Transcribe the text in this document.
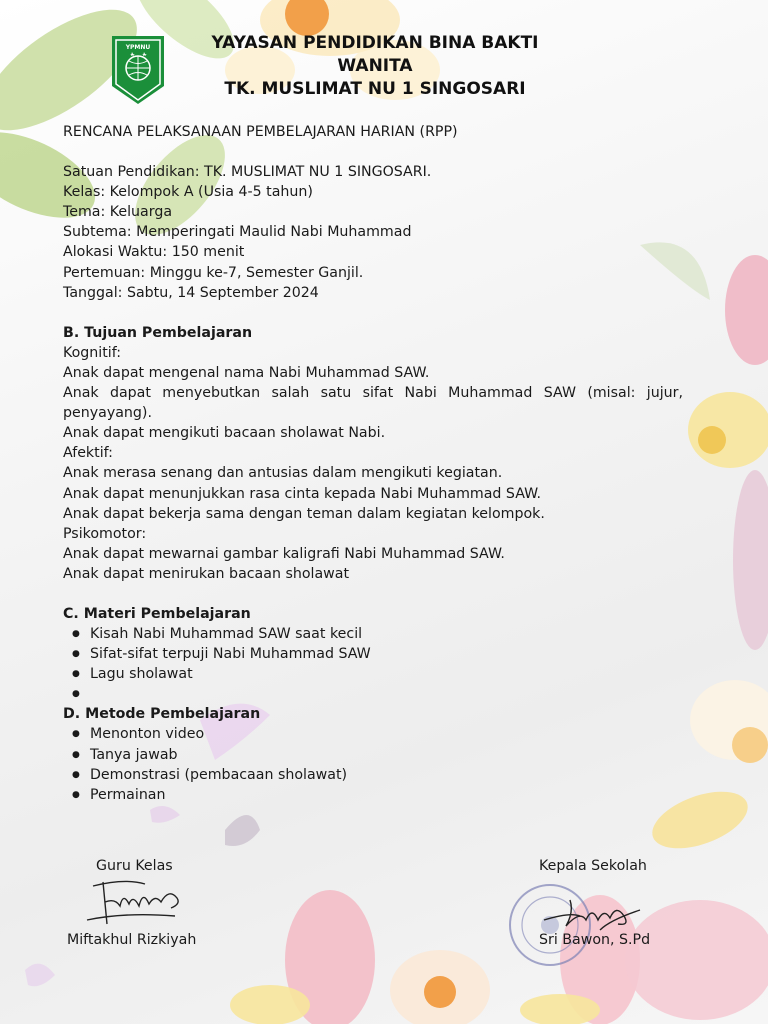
YPMNU	YAYASAN PENDIDIKAN BINA BAKTI WANITA
TK. MUSLIMAT NU 1 SINGOSARI

RENCANA PELAKSANAAN PEMBELAJARAN HARIAN (RPP)

Satuan Pendidikan: TK. MUSLIMAT NU 1 SINGOSARI.

Kelas: Kelompok A (Usia 4-5 tahun)

Tema: Keluarga

Subtema: Memperingati Maulid Nabi Muhammad

Alokasi Waktu: 150 menit

Pertemuan: Minggu ke-7, Semester Ganjil.

Tanggal: Sabtu, 14 September 2024

B. Tujuan Pembelajaran

Kognitif:

Anak dapat mengenal nama Nabi Muhammad SAW.

Anak dapat menyebutkan salah satu sifat Nabi Muhammad SAW (misal: jujur, penyayang).

Anak dapat mengikuti bacaan sholawat Nabi.

Afektif:

Anak merasa senang dan antusias dalam mengikuti kegiatan.

Anak dapat menunjukkan rasa cinta kepada Nabi Muhammad SAW.

Anak dapat bekerja sama dengan teman dalam kegiatan kelompok.

Psikomotor:

Anak dapat mewarnai gambar kaligrafi Nabi Muhammad SAW.

Anak dapat menirukan bacaan sholawat

C. Materi Pembelajaran

● Kisah Nabi Muhammad SAW saat kecil
● Sifat-sifat terpuji Nabi Muhammad SAW
● Lagu sholawat
●

D. Metode Pembelajaran

● Menonton video
● Tanya jawab
● Demonstrasi (pembacaan sholawat)
● Permainan
Guru Kelas
Miftakhul Rizkiyah
Kepala Sekolah
Sri Bawon, S.Pd
